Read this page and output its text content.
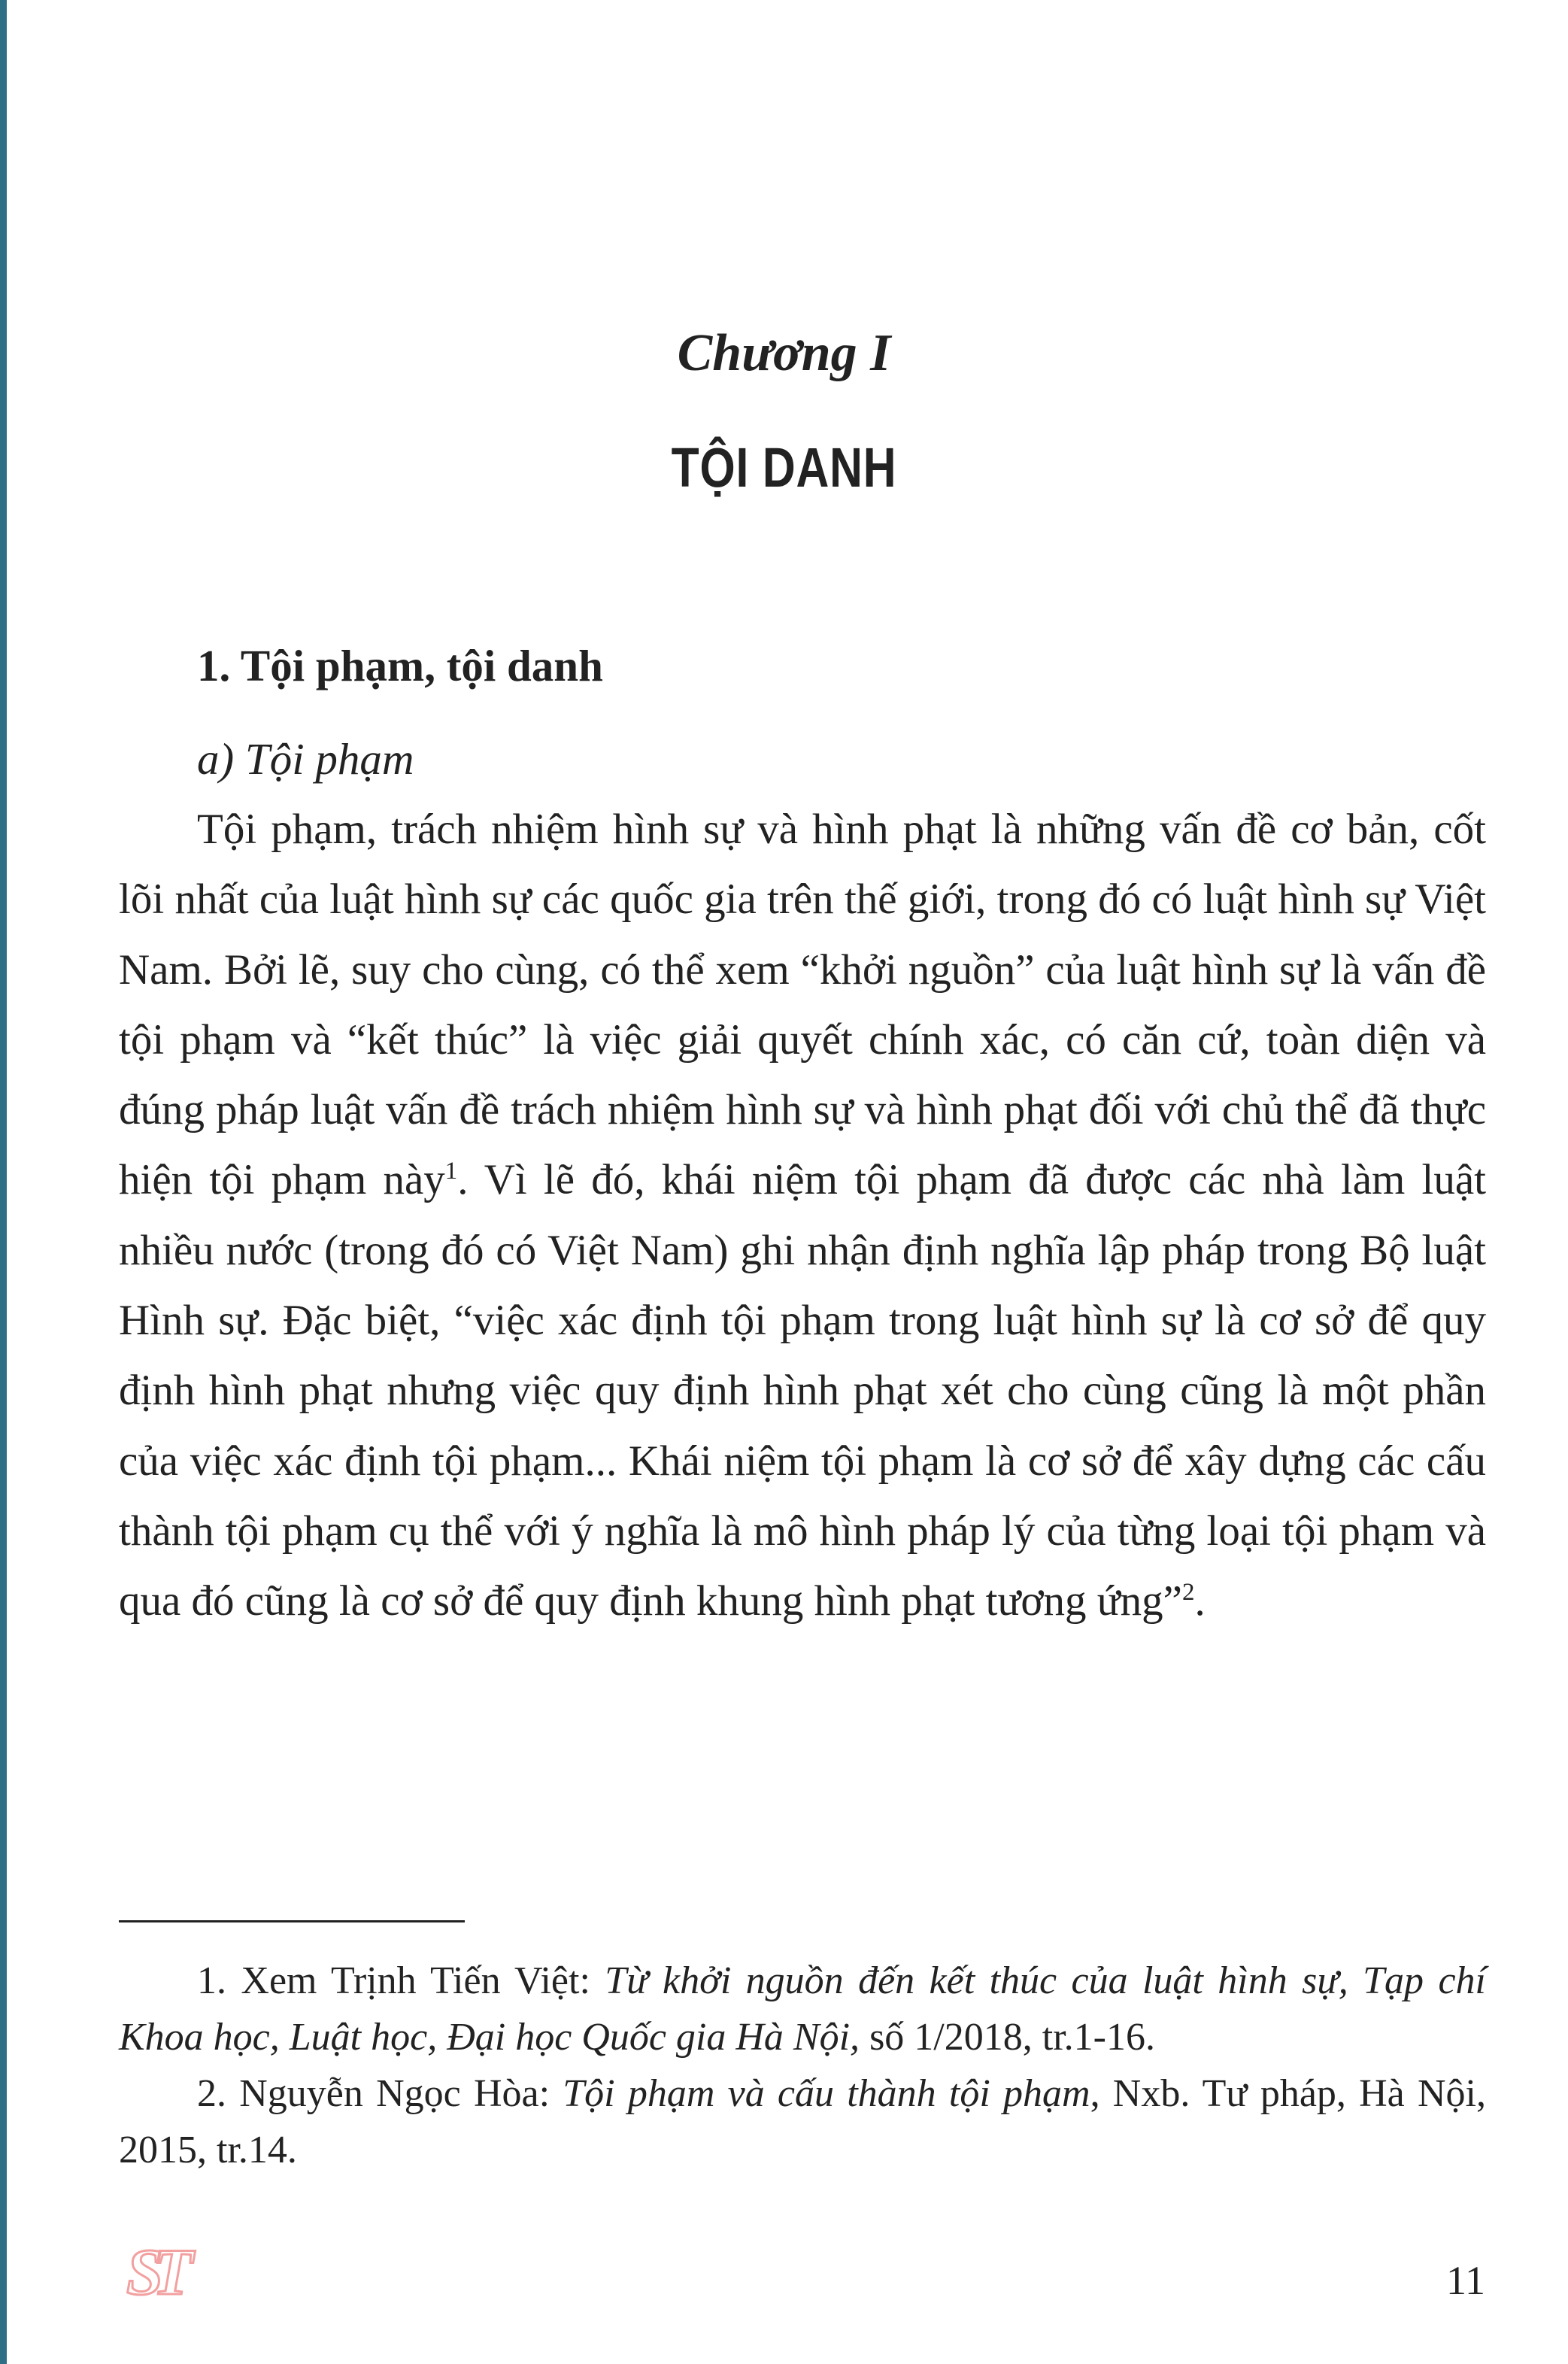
Chương I
TỘI DANH
1. Tội phạm, tội danh
a) Tội phạm

Tội phạm, trách nhiệm hình sự và hình phạt là những vấn đề cơ bản, cốt lõi nhất của luật hình sự các quốc gia trên thế giới, trong đó có luật hình sự Việt Nam. Bởi lẽ, suy cho cùng, có thể xem “khởi nguồn” của luật hình sự là vấn đề tội phạm và “kết thúc” là việc giải quyết chính xác, có căn cứ, toàn diện và đúng pháp luật vấn đề trách nhiệm hình sự và hình phạt đối với chủ thể đã thực hiện tội phạm này$^1$. Vì lẽ đó, khái niệm tội phạm đã được các nhà làm luật nhiều nước (trong đó có Việt Nam) ghi nhận định nghĩa lập pháp trong Bộ luật Hình sự. Đặc biệt, “việc xác định tội phạm trong luật hình sự là cơ sở để quy định hình phạt nhưng việc quy định hình phạt xét cho cùng cũng là một phần của việc xác định tội phạm... Khái niệm tội phạm là cơ sở để xây dựng các cấu thành tội phạm cụ thể với ý nghĩa là mô hình pháp lý của từng loại tội phạm và qua đó cũng là cơ sở để quy định khung hình phạt tương ứng”$^2$.

1. Xem Trịnh Tiến Việt: Từ khởi nguồn đến kết thúc của luật hình sự, Tạp chí Khoa học, Luật học, Đại học Quốc gia Hà Nội, số 1/2018, tr.1-16.

2. Nguyễn Ngọc Hòa: Tội phạm và cấu thành tội phạm, Nxb. Tư pháp, Hà Nội, 2015, tr.14.

ST	11
